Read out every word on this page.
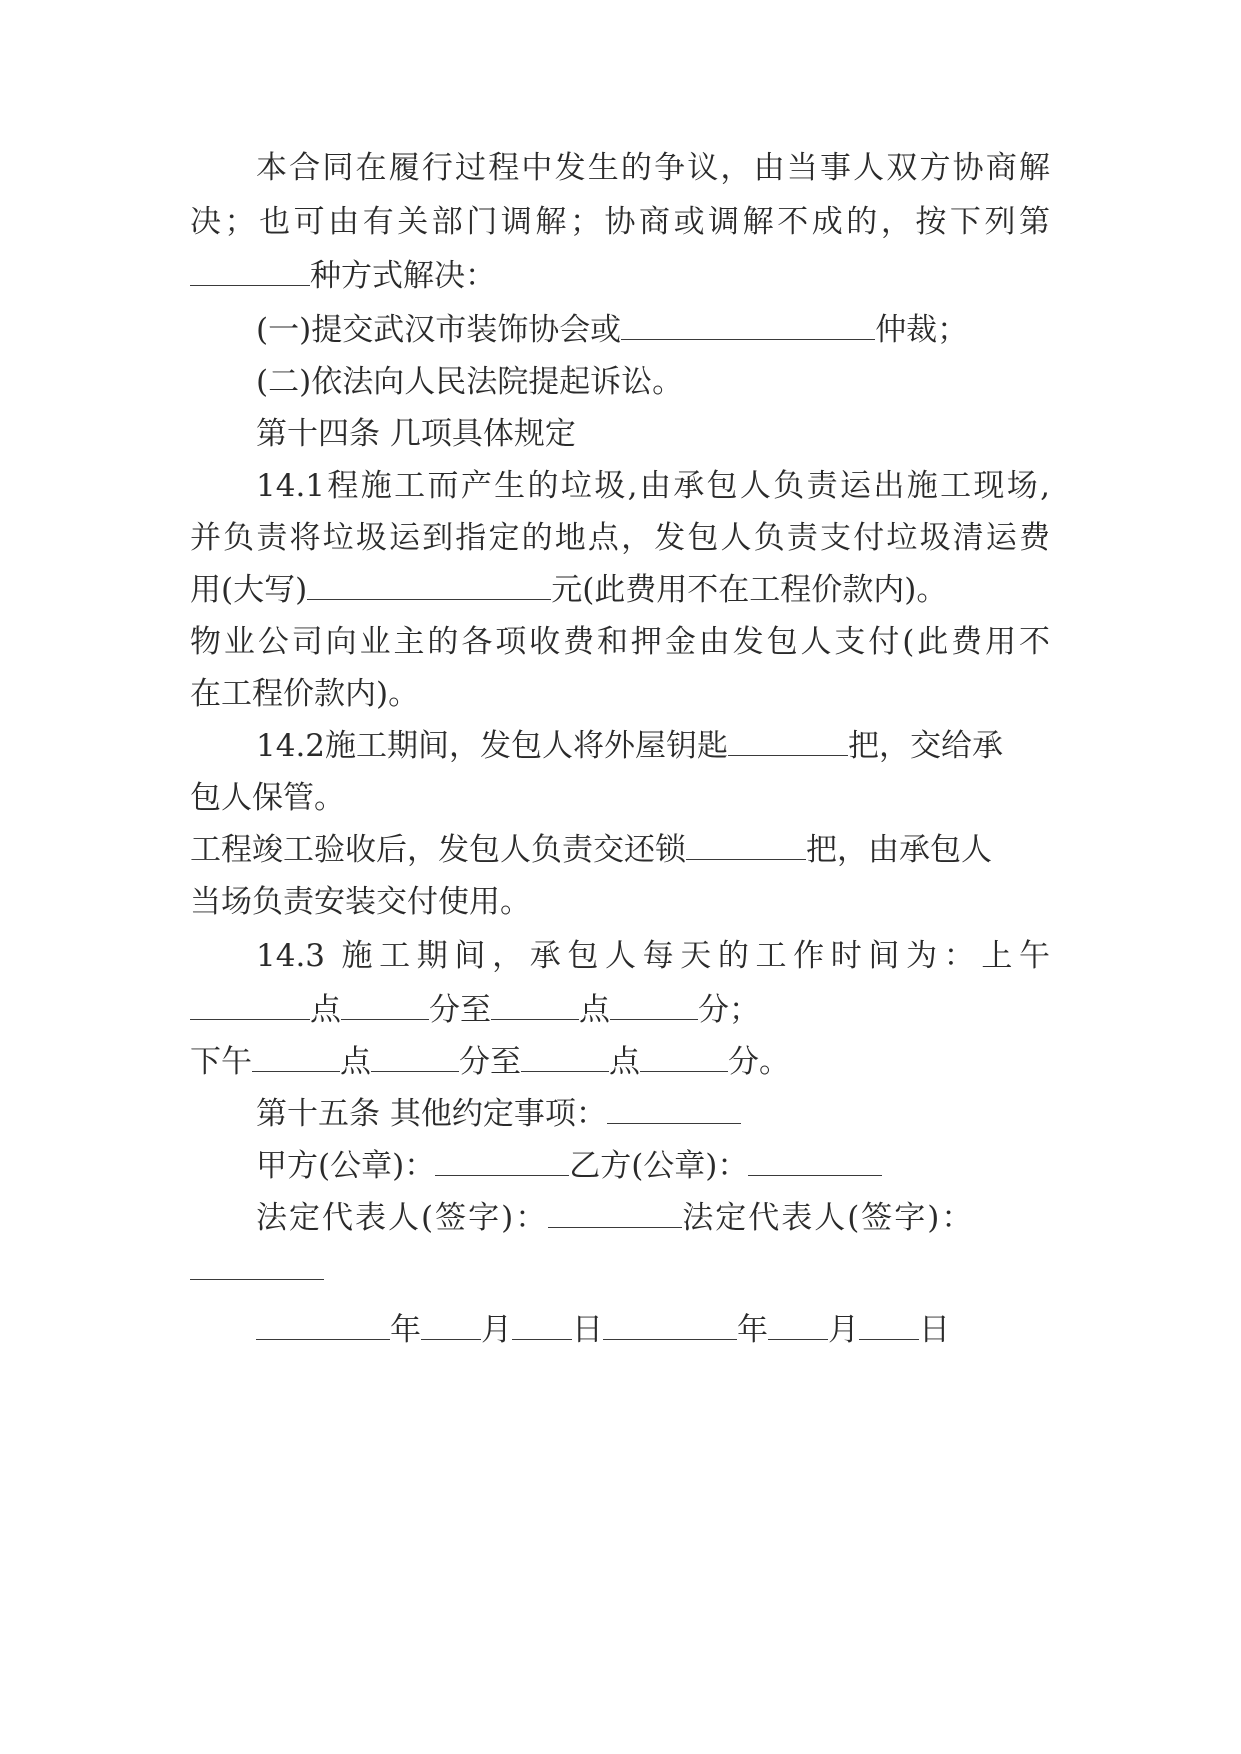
本合同在履行过程中发生的争议，由当事人双方协商解
决；也可由有关部门调解；协商或调解不成的，按下列第
种方式解决：
(一)提交武汉市装饰协会或	仲裁；
(二)依法向人民法院提起诉讼。
第十四条 几项具体规定
14.1程施工而产生的垃圾,由承包人负责运出施工现场,
并负责将垃圾运到指定的地点，发包人负责支付垃圾清运费
用(大写)	元(此费用不在工程价款内)。
物业公司向业主的各项收费和押金由发包人支付(此费用不
在工程价款内)。
14.2施工期间，发包人将外屋钥匙	把，交给承
包人保管。
工程竣工验收后，发包人负责交还锁	把，由承包人
当场负责安装交付使用。
14.3 施工期间，承包人每天的工作时间为：上午
点	分至	点	分；
下午	点	分至	点	分。
第十五条 其他约定事项：
甲方(公章)：	乙方(公章)：
法定代表人(签字)：	法定代表人(签字)：
年 月 日	年 月 日
